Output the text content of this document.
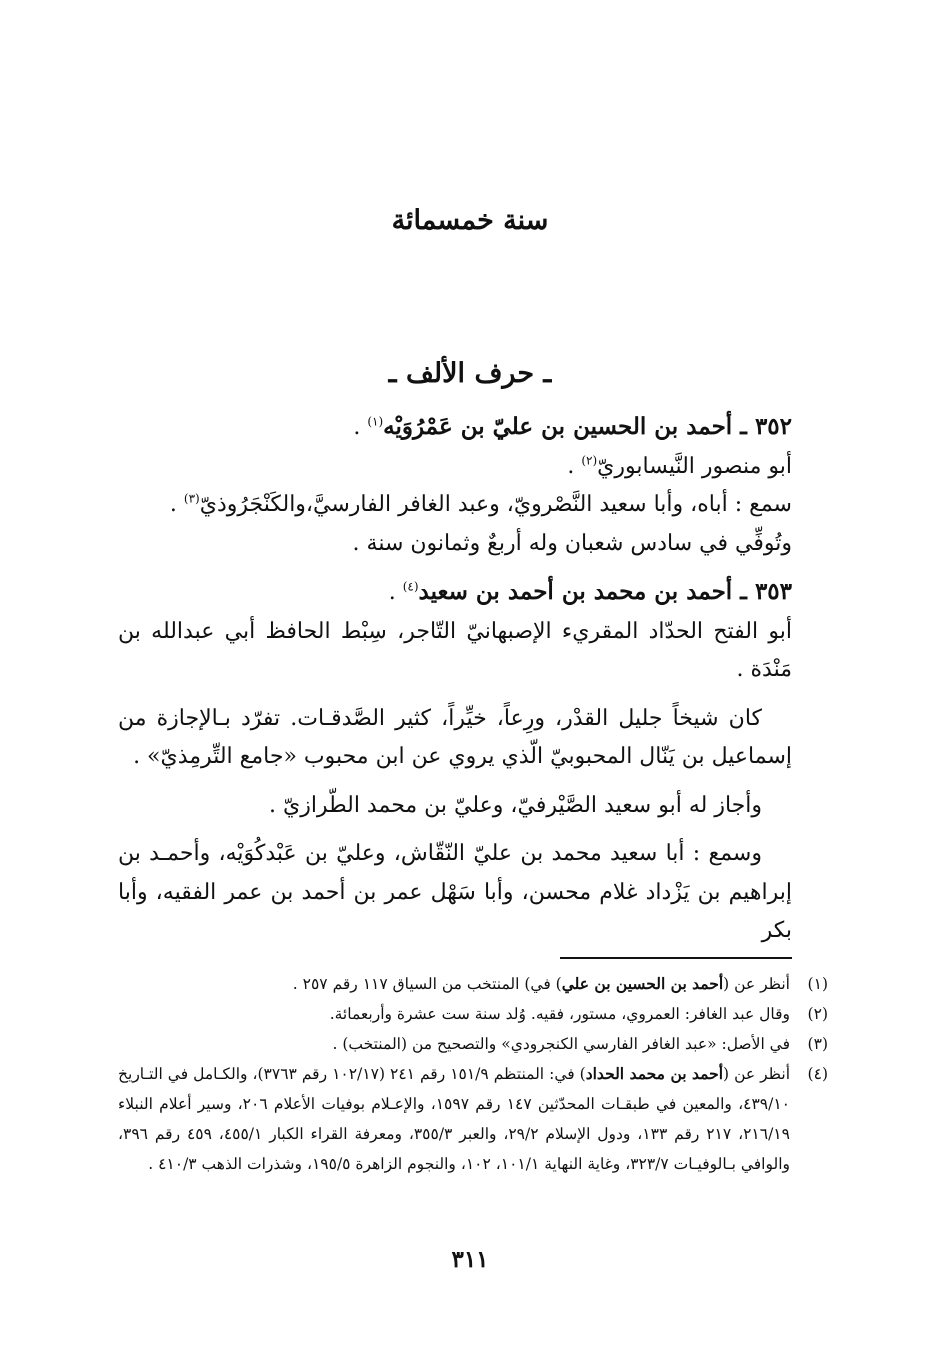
سنة خمسمائة
ـ حرف الألف ـ

٣٥٢ ـ أحمد بن الحسين بن عليّ بن عَمْرُوَيْه$^{(١)}$ .

أبو منصور النَّيسابوريّ$^{(٢)}$ .

سمع : أباه، وأبا سعيد النَّصْرويّ، وعبد الغافر الفارسيَّ،والكَنْجَرُوذيّ$^{(٣)}$ .

وتُوفِّي في سادس شعبان وله أربعٌ وثمانون سنة .

٣٥٣ ـ أحمد بن محمد بن أحمد بن سعيد$^{(٤)}$ .

أبو الفتح الحدّاد المقريء الإصبهانيّ التّاجر، سِبْط الحافظ أبي عبدالله بن مَنْدَة .

كان شيخاً جليل القدْر، ورِعاً، خيِّراً، كثير الصَّدقـات. تفرّد بـالإجازة من إسماعيل بن يَنّال المحبوبيّ الّذي يروي عن ابن محبوب «جامع التِّرمِذيّ» .

وأجاز له أبو سعيد الصَّيْرفيّ، وعليّ بن محمد الطّرازيّ .

وسمع : أبا سعيد محمد بن عليّ النّقّاش، وعليّ بن عَبْدكُوَيْه، وأحمـد بن إبراهيم بن يَزْداد غلام محسن، وأبا سَهْل عمر بن أحمد بن عمر الفقيه، وأبا بكر

(١)
أنظر عن (أحمد بن الحسين بن علي) في) المنتخب من السياق ١١٧ رقم ٢٥٧ .

(٢)
وقال عبد الغافر: العمروي، مستور، فقيه. وُلد سنة ست عشرة وأربعمائة.

(٣)
في الأصل: «عبد الغافر الفارسي الكنجرودي» والتصحيح من (المنتخب) .

(٤)
أنظر عن (أحمد بن محمد الحداد) في: المنتظم ١٥١/٩ رقم ٢٤١ (١٠٢/١٧ رقم ٣٧٦٣)، والكـامل في التـاريخ ٤٣٩/١٠، والمعين في طبقـات المحدّثين ١٤٧ رقم ١٥٩٧، والإعـلام بوفيات الأعلام ٢٠٦، وسير أعلام النبلاء ٢١٦/١٩، ٢١٧ رقم ١٣٣، ودول الإسلام ٢٩/٢، والعبر ٣٥٥/٣، ومعرفة القراء الكبار ٤٥٥/١، ٤٥٩ رقم ٣٩٦، والوافي بـالوفيـات ٣٢٣/٧، وغاية النهاية ١٠١/١، ١٠٢، والنجوم الزاهرة ١٩٥/٥، وشذرات الذهب ٤١٠/٣ .

٣١١
